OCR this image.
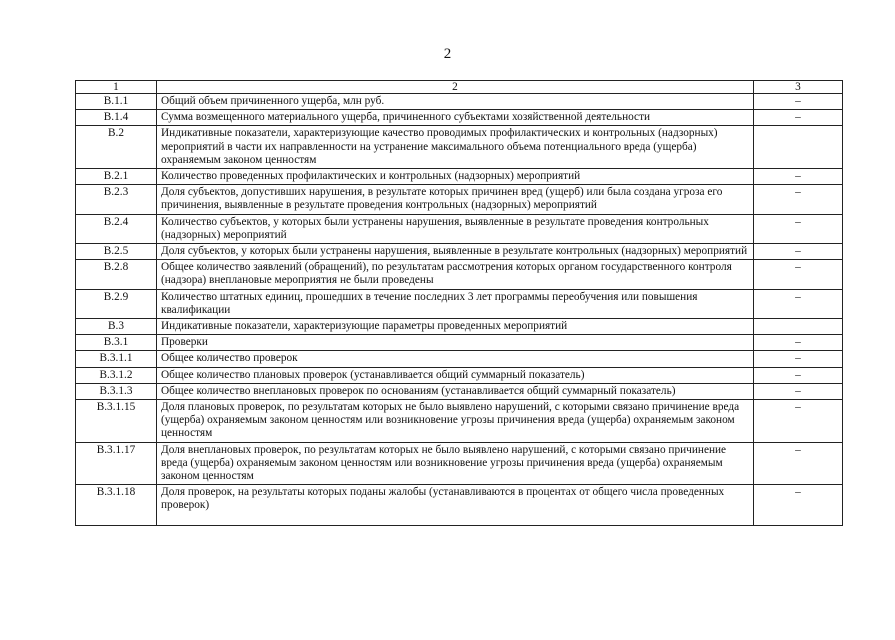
2
1	2	3
В.1.1	Общий объем причиненного ущерба, млн руб.	–
В.1.4	Сумма возмещенного материального ущерба, причиненного субъектами хозяйственной деятельности	–
В.2	Индикативные показатели, характеризующие качество проводимых профилактических и контрольных (надзорных) мероприятий в части их направленности на устранение максимального объема потенциального вреда (ущерба) охраняемым законом ценностям	
В.2.1	Количество проведенных профилактических и контрольных (надзорных) мероприятий	–
В.2.3	Доля субъектов, допустивших нарушения, в результате которых причинен вред (ущерб) или была создана угроза его причинения, выявленные в результате проведения контрольных (надзорных) мероприятий	–
В.2.4	Количество субъектов, у которых были устранены нарушения, выявленные в результате проведения контрольных (надзорных) мероприятий	–
В.2.5	Доля субъектов, у которых были устранены нарушения, выявленные в результате контрольных (надзорных) мероприятий	–
В.2.8	Общее количество заявлений (обращений), по результатам рассмотрения которых органом государственного контроля (надзора) внеплановые мероприятия не были проведены	–
В.2.9	Количество штатных единиц, прошедших в течение последних 3 лет программы переобучения или повышения квалификации	–
В.3	Индикативные показатели, характеризующие параметры проведенных мероприятий	
В.3.1	Проверки	–
В.3.1.1	Общее количество проверок	–
В.3.1.2	Общее количество плановых проверок (устанавливается общий суммарный показатель)	–
В.3.1.3	Общее количество внеплановых проверок по основаниям (устанавливается общий суммарный показатель)	–
В.3.1.15	Доля плановых проверок, по результатам которых не было выявлено нарушений, с которыми связано причинение вреда (ущерба) охраняемым законом ценностям или возникновение угрозы причинения вреда (ущерба) охраняемым законом ценностям	–
В.3.1.17	Доля внеплановых проверок, по результатам которых не было выявлено нарушений, с которыми связано причинение вреда (ущерба) охраняемым законом ценностям или возникновение угрозы причинения вреда (ущерба) охраняемым законом ценностям	–
В.3.1.18	Доля проверок, на результаты которых поданы жалобы (устанавливаются в процентах от общего числа проведенных проверок)	–
